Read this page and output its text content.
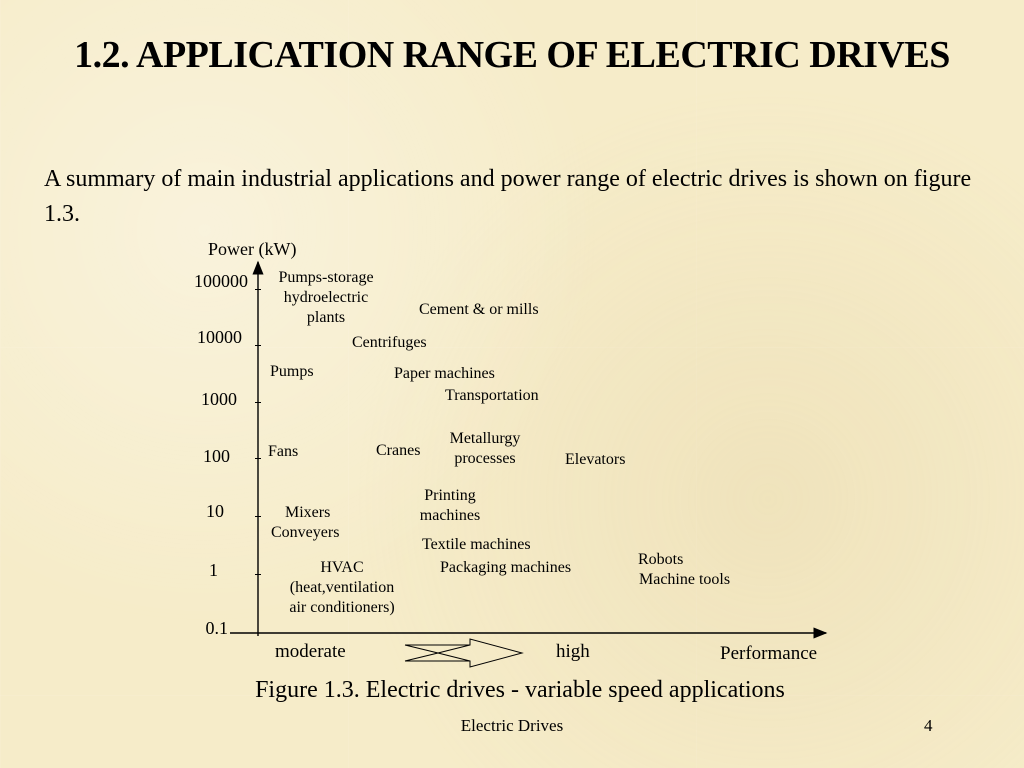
1.2. APPLICATION RANGE OF ELECTRIC DRIVES
A summary of main industrial applications and power range of electric drives is shown on figure 1.3.
Power (kW)
100000
10000
1000
100
10
1
0.1
moderate	high	Performance
Pumps-storage
hydroelectric
plants	Cement & or mills
Centrifuges
Pumps	Paper machines
Transportation
Metallurgy
processes
Fans	Cranes
Elevators
Printing
machines
Mixers
Conveyers
Textile machines
Robots
Machine tools
HVAC
(heat,ventilation
air conditioners)
Packaging machines
Figure 1.3. Electric drives - variable speed applications
Electric Drives	4
